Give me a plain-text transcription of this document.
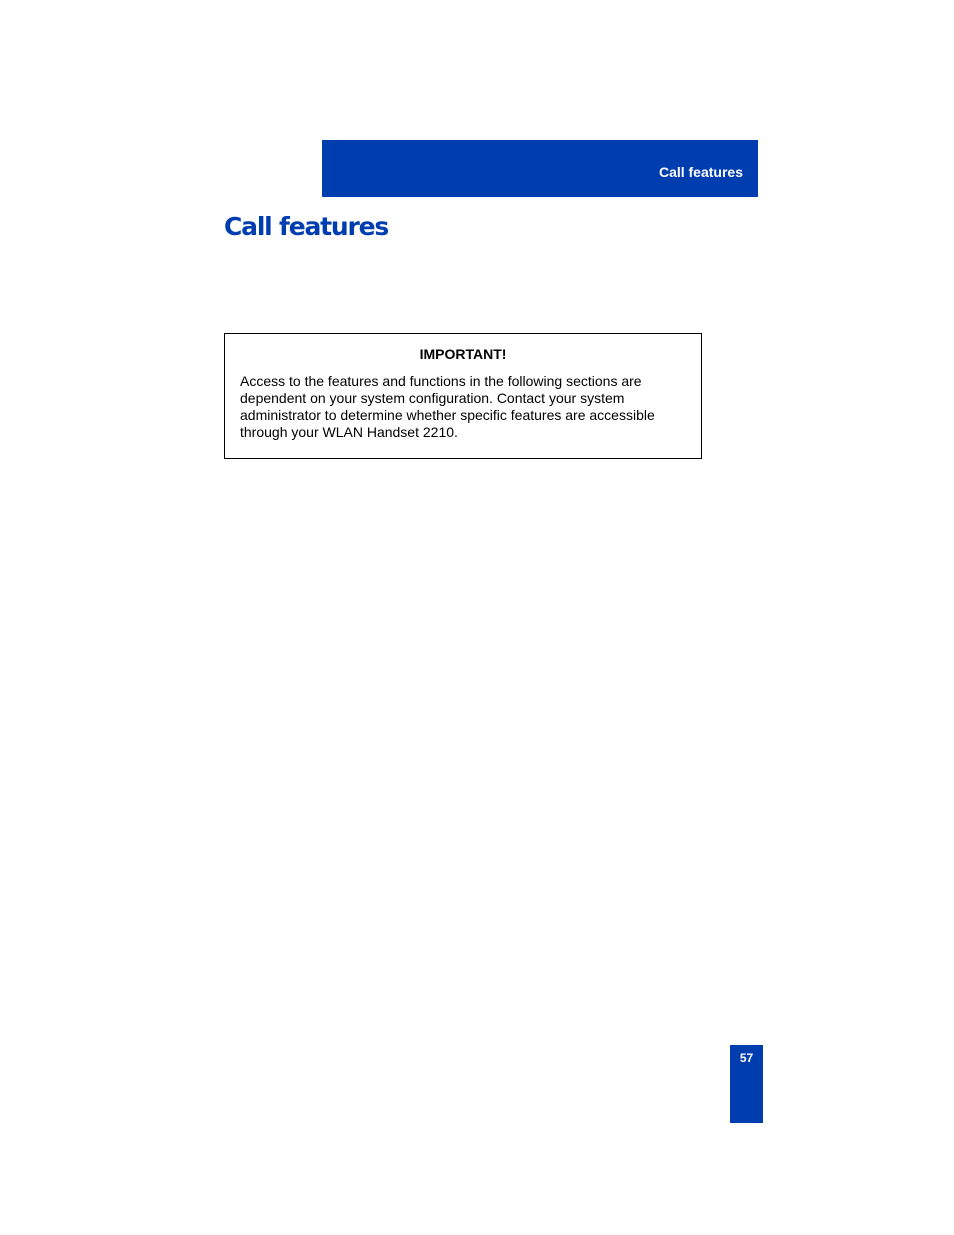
Call features
Call features
IMPORTANT!
Access to the features and functions in the following sections are
dependent on your system configuration. Contact your system
administrator to determine whether specific features are accessible
through your WLAN Handset 2210.
57
